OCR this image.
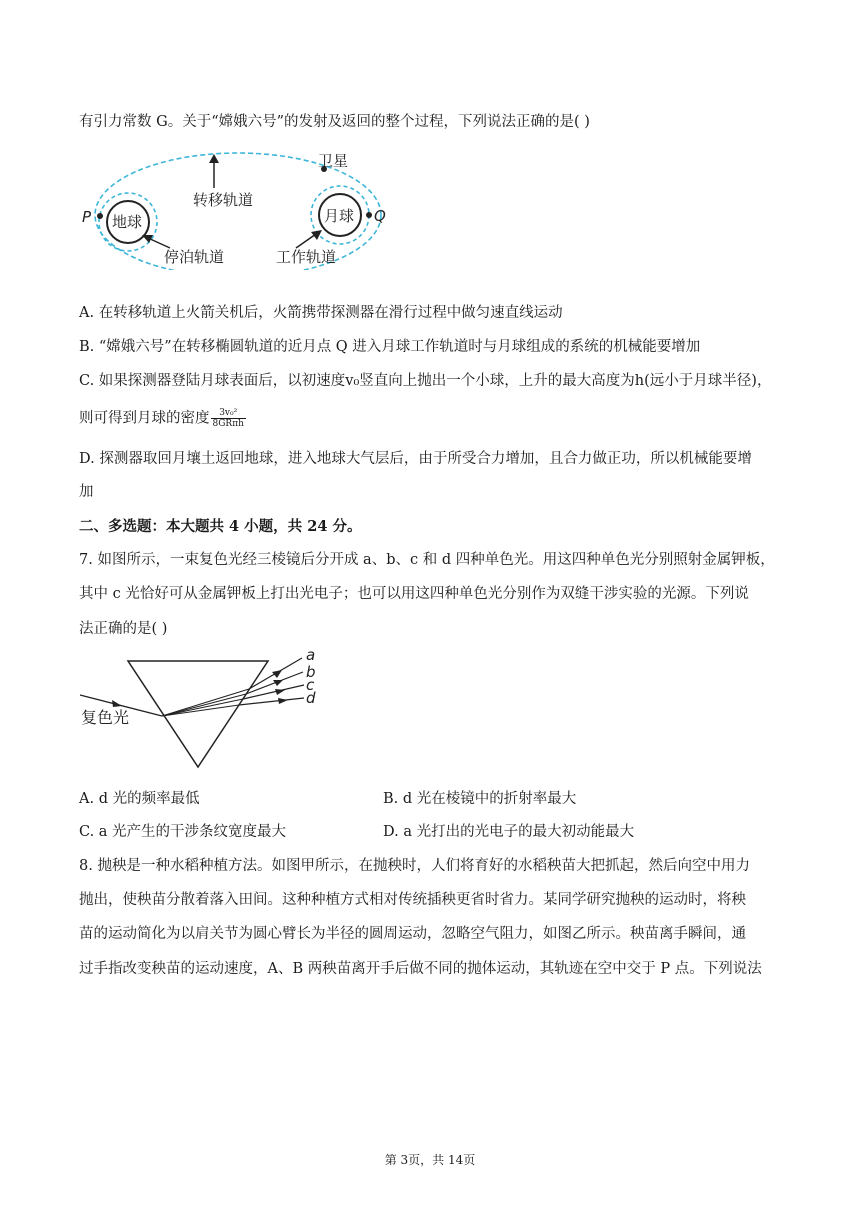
有引力常数 G。关于“嫦娥六号”的发射及返回的整个过程，下列说法正确的是( )
卫星
转移轨道
地球	月球
停泊轨道	工作轨道
P	Q
A. 在转移轨道上火箭关机后，火箭携带探测器在滑行过程中做匀速直线运动
B. “嫦娥六号”在转移椭圆轨道的近月点 Q 进入月球工作轨道时与月球组成的系统的机械能要增加
C. 如果探测器登陆月球表面后，以初速度v₀竖直向上抛出一个小球，上升的最大高度为h(远小于月球半径)，
则可得到月球的密度 $\frac{\text{3v₀²}}{\text{8GRπh}}$
D. 探测器取回月壤土返回地球，进入地球大气层后，由于所受合力增加，且合力做正功，所以机械能要增
加
二、多选题：本大题共 4 小题，共 24 分。
7. 如图所示，一束复色光经三棱镜后分开成 a、b、c 和 d 四种单色光。用这四种单色光分别照射金属钾板，
其中 c 光恰好可从金属钾板上打出光电子；也可以用这四种单色光分别作为双缝干涉实验的光源。下列说
法正确的是( )
a
b
c
d
复色光
A. d 光的频率最低	B. d 光在棱镜中的折射率最大
C. a 光产生的干涉条纹宽度最大	D. a 光打出的光电子的最大初动能最大
8. 抛秧是一种水稻种植方法。如图甲所示，在抛秧时，人们将育好的水稻秧苗大把抓起，然后向空中用力
抛出，使秧苗分散着落入田间。这种种植方式相对传统插秧更省时省力。某同学研究抛秧的运动时，将秧
苗的运动简化为以肩关节为圆心臂长为半径的圆周运动，忽略空气阻力，如图乙所示。秧苗离手瞬间，通
过手指改变秧苗的运动速度，A、B 两秧苗离开手后做不同的抛体运动，其轨迹在空中交于 P 点。下列说法
第 3页，共 14页
